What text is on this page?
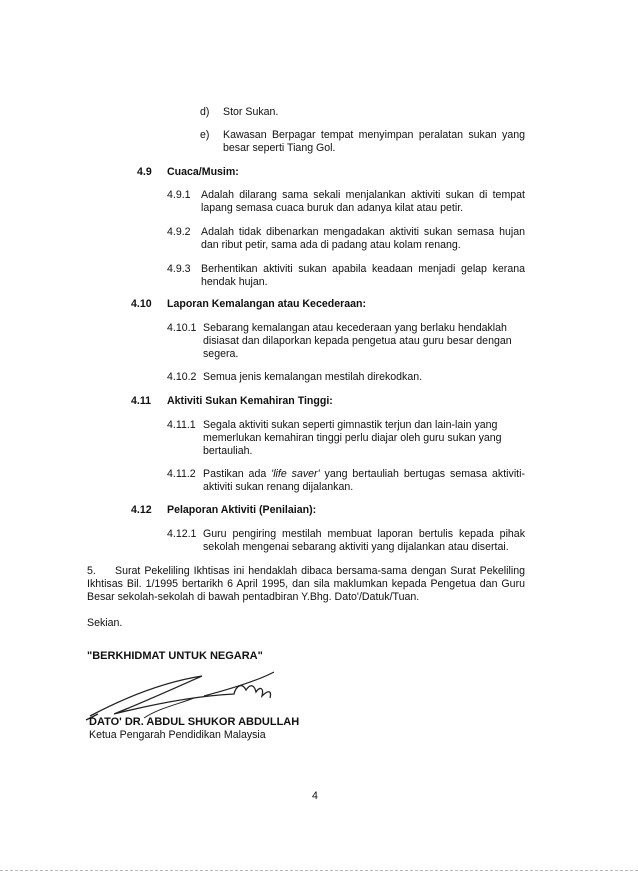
d) Stor Sukan.
e) Kawasan Berpagar tempat menyimpan peralatan sukan yang
besar seperti Tiang Gol.
4.9 Cuaca/Musim:
4.9.1 Adalah dilarang sama sekali menjalankan aktiviti sukan di tempat
lapang semasa cuaca buruk dan adanya kilat atau petir.
4.9.2 Adalah tidak dibenarkan mengadakan aktiviti sukan semasa hujan
dan ribut petir, sama ada di padang atau kolam renang.
4.9.3 Berhentikan aktiviti sukan apabila keadaan menjadi gelap kerana
hendak hujan.
4.10 Laporan Kemalangan atau Kecederaan:
4.10.1 Sebarang kemalangan atau kecederaan yang berlaku hendaklah
disiasat dan dilaporkan kepada pengetua atau guru besar dengan
segera.
4.10.2 Semua jenis kemalangan mestilah direkodkan.
4.11 Aktiviti Sukan Kemahiran Tinggi:
4.11.1 Segala aktiviti sukan seperti gimnastik terjun dan lain-lain yang
memerlukan kemahiran tinggi perlu diajar oleh guru sukan yang
bertauliah.
4.11.2 Pastikan ada 'life saver' yang bertauliah bertugas semasa aktiviti-
aktiviti sukan renang dijalankan.
4.12 Pelaporan Aktiviti (Penilaian):
4.12.1 Guru pengiring mestilah membuat laporan bertulis kepada pihak
sekolah mengenai sebarang aktiviti yang dijalankan atau disertai.
5. Surat Pekeliling Ikhtisas ini hendaklah dibaca bersama-sama dengan Surat Pekeliling
Ikhtisas Bil. 1/1995 bertarikh 6 April 1995, dan sila maklumkan kepada Pengetua dan Guru
Besar sekolah-sekolah di bawah pentadbiran Y.Bhg. Dato'/Datuk/Tuan.
Sekian.
"BERKHIDMAT UNTUK NEGARA"
DATO' DR. ABDUL SHUKOR ABDULLAH
Ketua Pengarah Pendidikan Malaysia
4
